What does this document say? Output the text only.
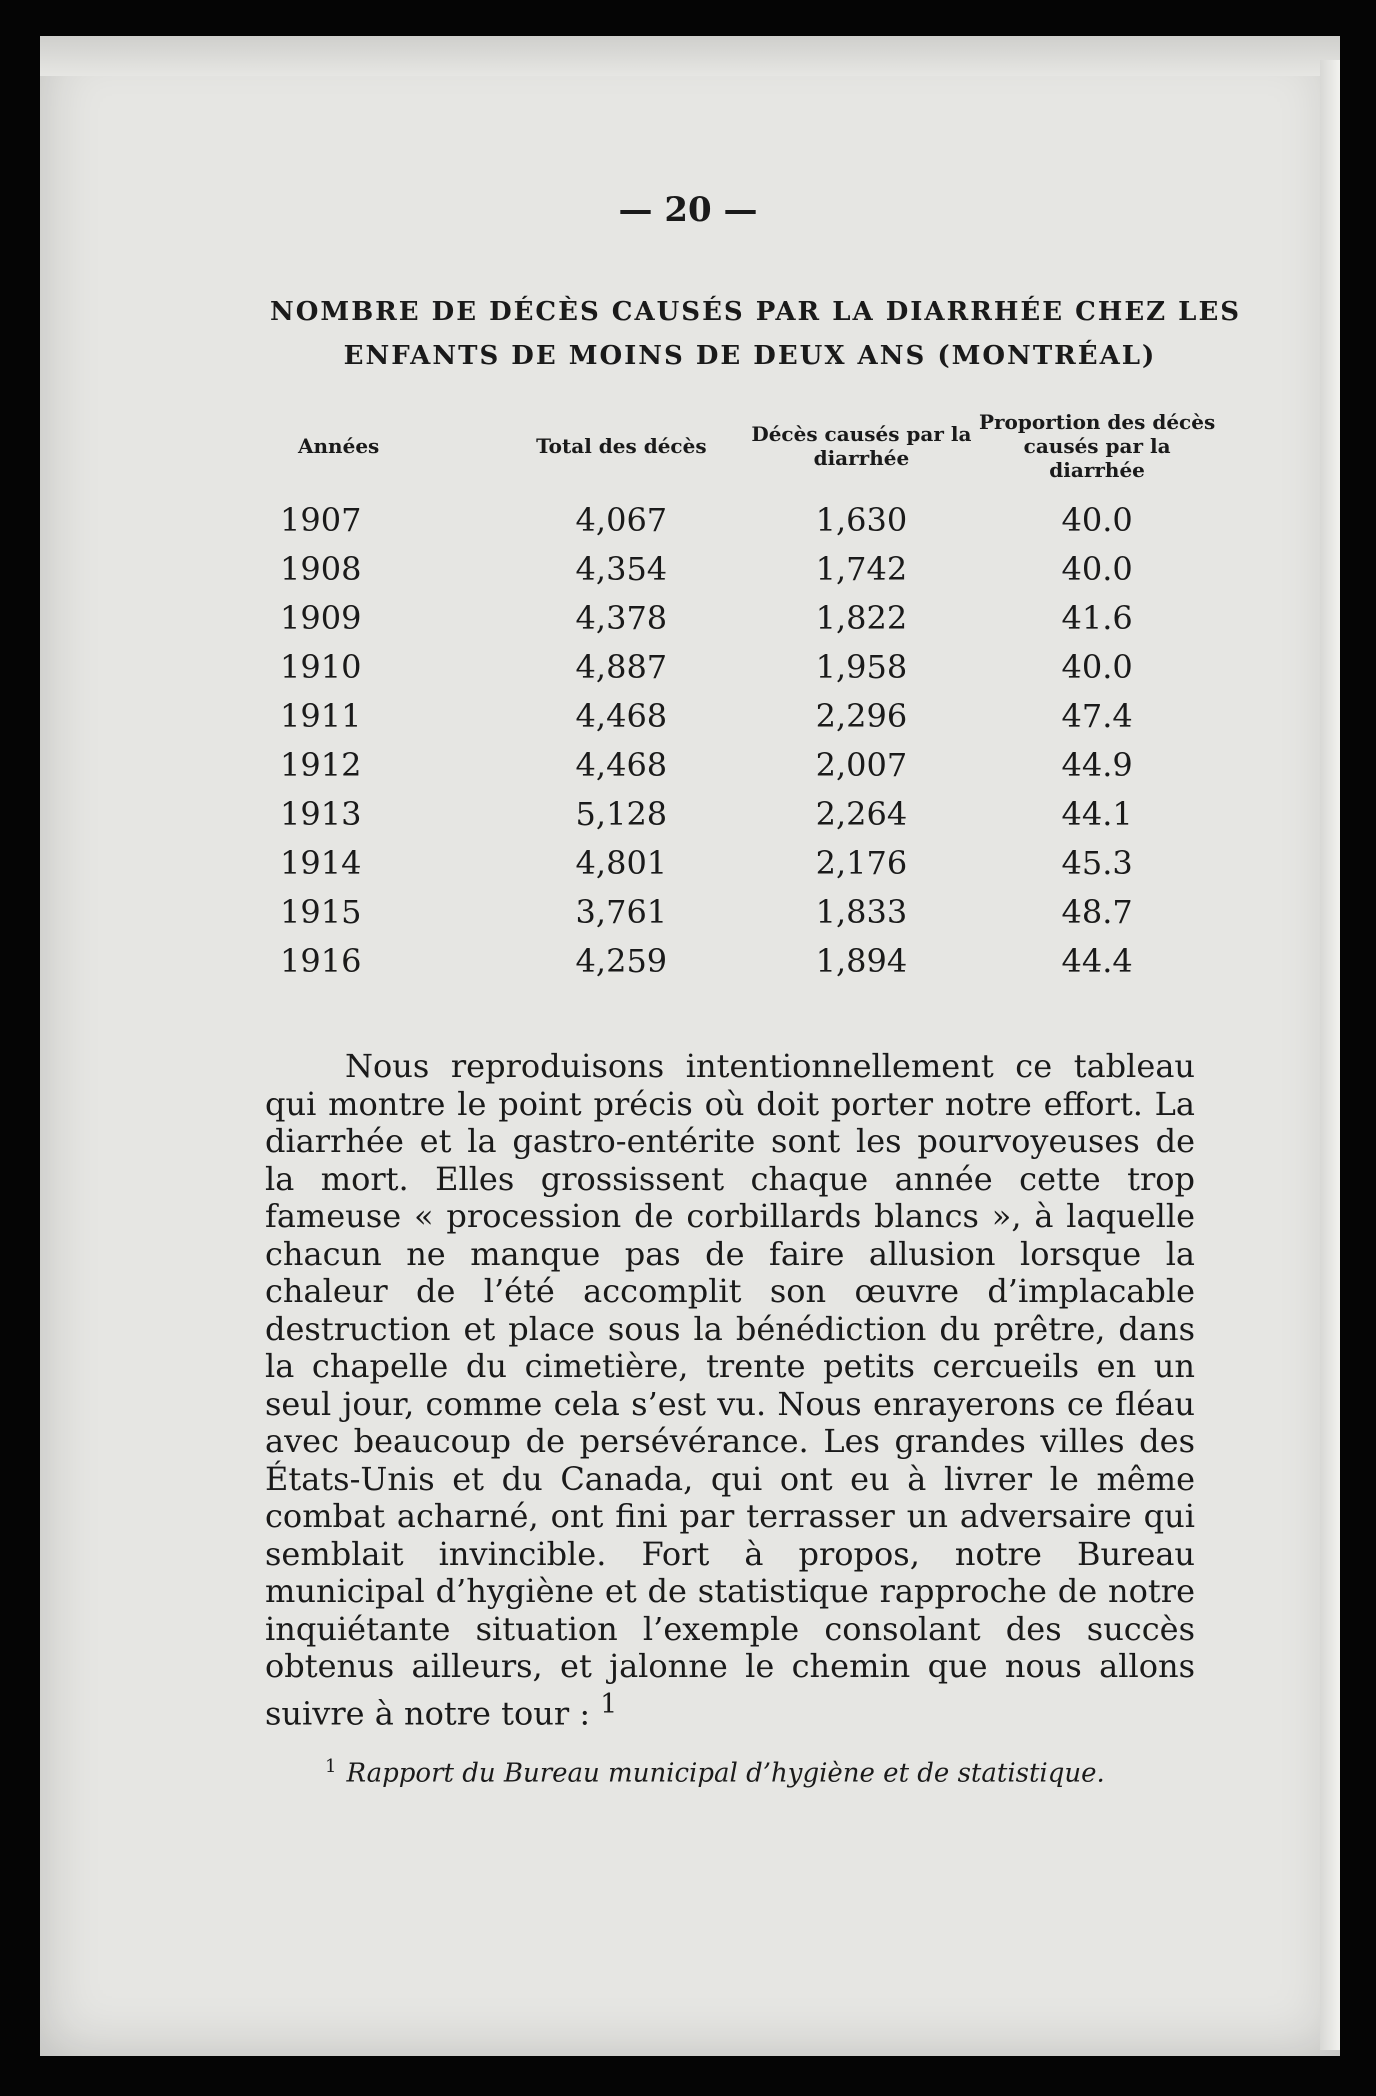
— 20 —
NOMBRE DE DÉCÈS CAUSÉS PAR LA DIARRHÉE CHEZ LES
ENFANTS DE MOINS DE DEUX ANS (MONTRÉAL)
Années	Total des décès	Décès causés par la diarrhée	Proportion des décès causés par la diarrhée
1907	4,067	1,630	40.0
1908	4,354	1,742	40.0
1909	4,378	1,822	41.6
1910	4,887	1,958	40.0
1911	4,468	2,296	47.4
1912	4,468	2,007	44.9
1913	5,128	2,264	44.1
1914	4,801	2,176	45.3
1915	3,761	1,833	48.7
1916	4,259	1,894	44.4

Nous reproduisons intentionnellement ce tableau qui montre le point précis où doit porter notre effort. La diarrhée et la gastro-entérite sont les pourvoyeuses de la mort. Elles grossissent chaque année cette trop fameuse « procession de corbillards blancs », à laquelle chacun ne manque pas de faire allusion lorsque la chaleur de l’été accomplit son œuvre d’implacable destruction et place sous la bénédiction du prêtre, dans la chapelle du cimetière, trente petits cercueils en un seul jour, comme cela s’est vu. Nous enrayerons ce fléau avec beaucoup de persévérance. Les grandes villes des États-Unis et du Canada, qui ont eu à livrer le même combat acharné, ont fini par terrasser un adversaire qui semblait invincible. Fort à propos, notre Bureau municipal d’hygiène et de statistique rapproche de notre inquiétante situation l’exemple consolant des succès obtenus ailleurs, et jalonne le chemin que nous allons suivre à notre tour : $^1$

$^1$ Rapport du Bureau municipal d’hygiène et de statistique.
